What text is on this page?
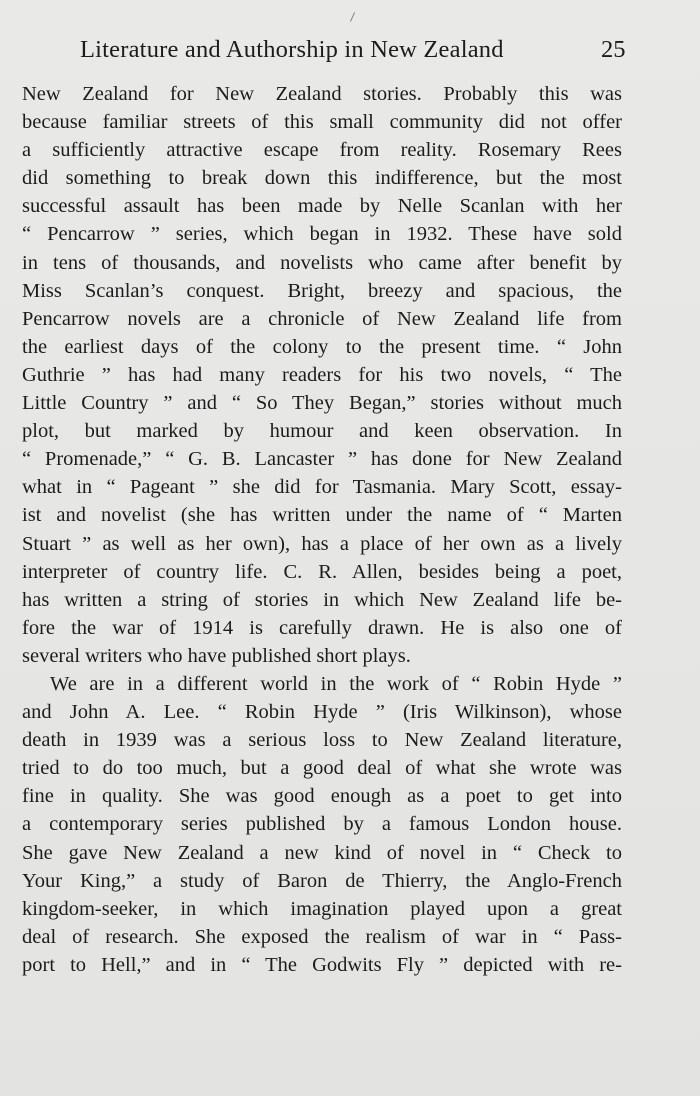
Literature and Authorship in New Zealand	25
New Zealand for New Zealand stories. Probably this was
because familiar streets of this small community did not offer
a sufficiently attractive escape from reality. Rosemary Rees
did something to break down this indifference, but the most
successful assault has been made by Nelle Scanlan with her
“ Pencarrow ” series, which began in 1932. These have sold
in tens of thousands, and novelists who came after benefit by
Miss Scanlan’s conquest. Bright, breezy and spacious, the
Pencarrow novels are a chronicle of New Zealand life from
the earliest days of the colony to the present time. “ John
Guthrie ” has had many readers for his two novels, “ The
Little Country ” and “ So They Began,” stories without much
plot, but marked by humour and keen observation. In
“ Promenade,” “ G. B. Lancaster ” has done for New Zealand
what in “ Pageant ” she did for Tasmania. Mary Scott, essay-
ist and novelist (she has written under the name of “ Marten
Stuart ” as well as her own), has a place of her own as a lively
interpreter of country life. C. R. Allen, besides being a poet,
has written a string of stories in which New Zealand life be-
fore the war of 1914 is carefully drawn. He is also one of
several writers who have published short plays.
We are in a different world in the work of “ Robin Hyde ”
and John A. Lee. “ Robin Hyde ” (Iris Wilkinson), whose
death in 1939 was a serious loss to New Zealand literature,
tried to do too much, but a good deal of what she wrote was
fine in quality. She was good enough as a poet to get into
a contemporary series published by a famous London house.
She gave New Zealand a new kind of novel in “ Check to
Your King,” a study of Baron de Thierry, the Anglo-French
kingdom-seeker, in which imagination played upon a great
deal of research. She exposed the realism of war in “ Pass-
port to Hell,” and in “ The Godwits Fly ” depicted with re-
